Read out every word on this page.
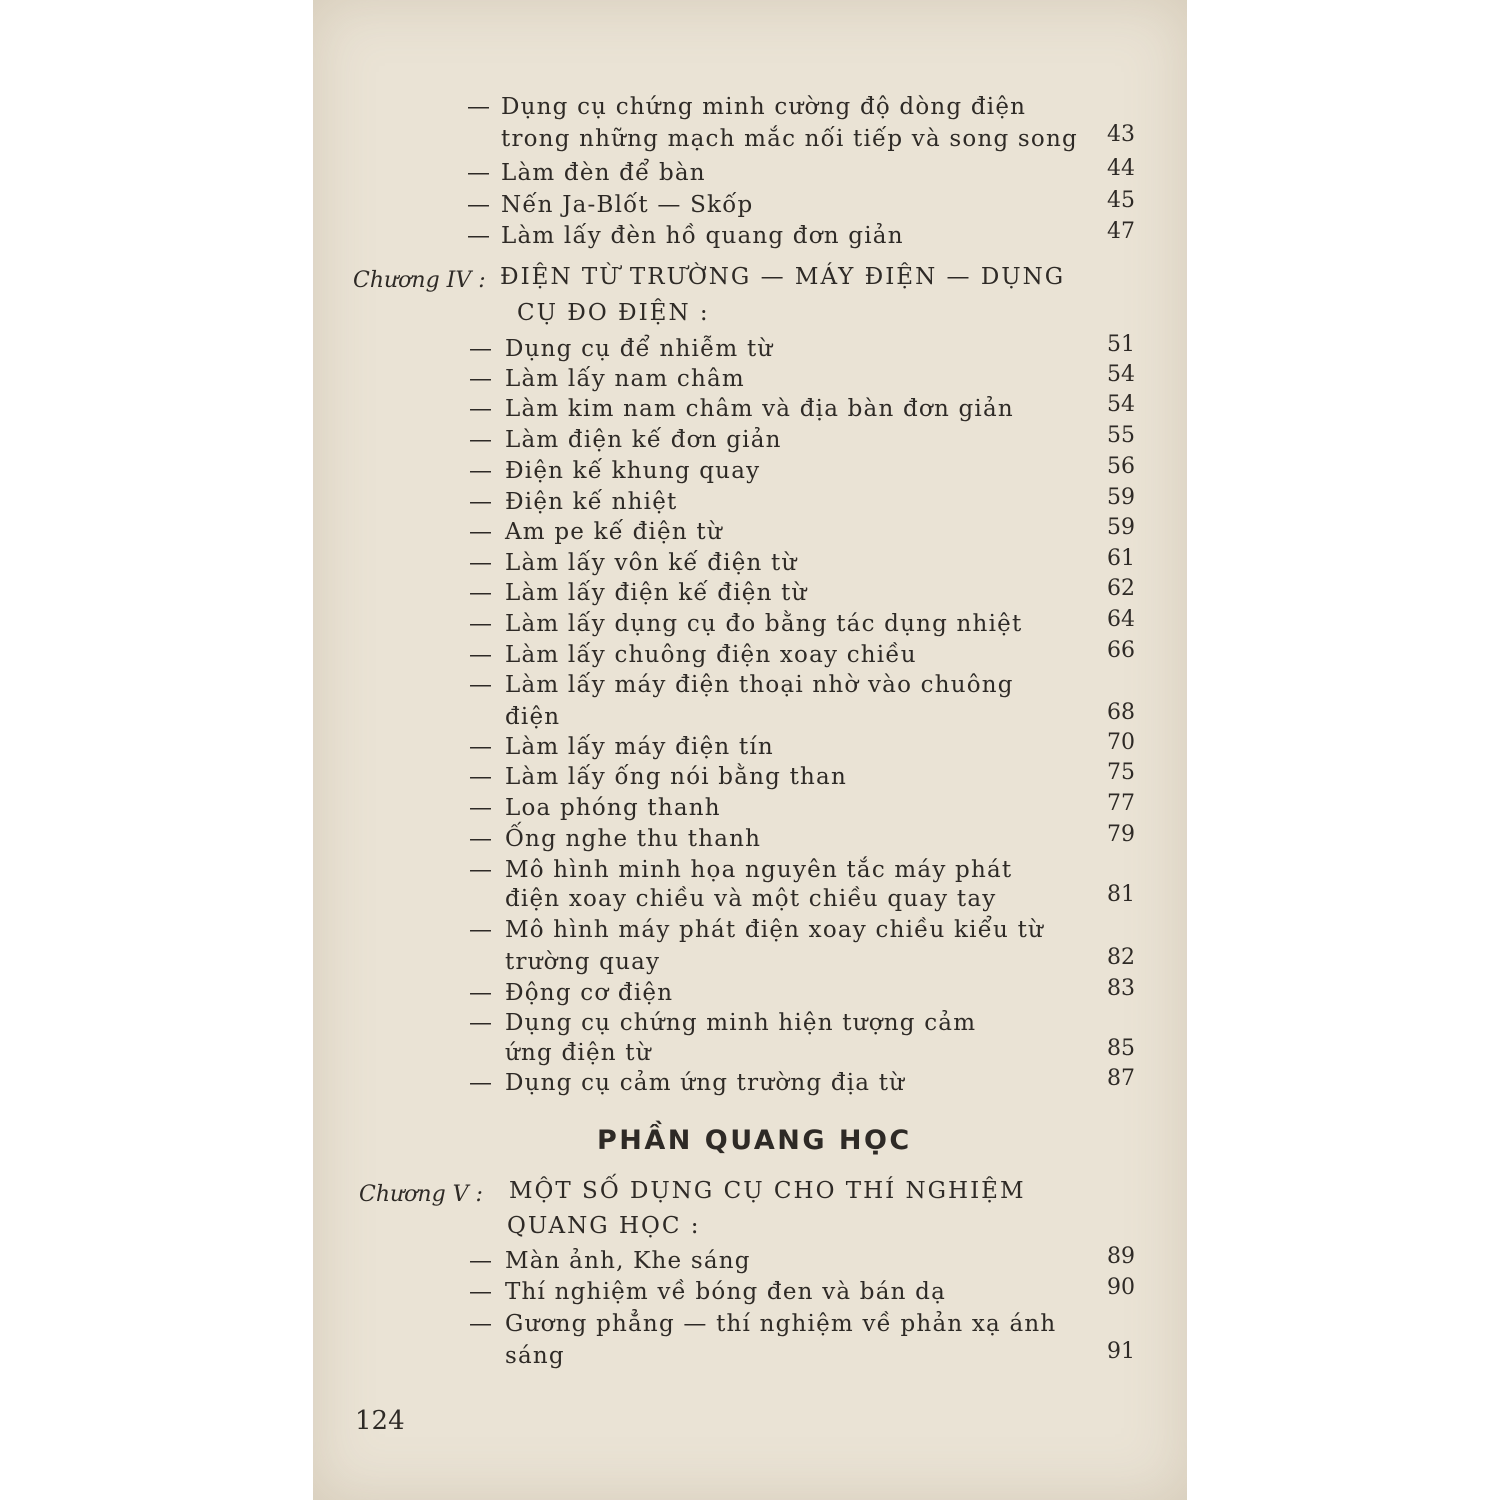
Chương IV : ĐIỆN TỪ TRƯỜNG — MÁY ĐIỆN — DỤNG
CỤ ĐO ĐIỆN :
PHẦN QUANG HỌC
Chương V : MỘT SỐ DỤNG CỤ CHO THÍ NGHIỆM
QUANG HỌC :
124
— Dụng cụ chứng minh cường độ dòng điện
trong những mạch mắc nối tiếp và song song	43
— Làm đèn để bàn	44
— Nến Ja-Blốt — Skốp	45
— Làm lấy đèn hồ quang đơn giản	47
— Dụng cụ để nhiễm từ	51
— Làm lấy nam châm	54
— Làm kim nam châm và địa bàn đơn giản	54
— Làm điện kế đơn giản	55
— Điện kế khung quay	56
— Điện kế nhiệt	59
— Am pe kế điện từ	59
— Làm lấy vôn kế điện từ	61
— Làm lấy điện kế điện từ	62
— Làm lấy dụng cụ đo bằng tác dụng nhiệt	64
— Làm lấy chuông điện xoay chiều	66
— Làm lấy máy điện thoại nhờ vào chuông
điện	68
— Làm lấy máy điện tín	70
— Làm lấy ống nói bằng than	75
— Loa phóng thanh	77
— Ống nghe thu thanh	79
— Mô hình minh họa nguyên tắc máy phát
điện xoay chiều và một chiều quay tay	81
— Mô hình máy phát điện xoay chiều kiểu từ
trường quay	82
— Động cơ điện	83
— Dụng cụ chứng minh hiện tượng cảm
ứng điện từ	85
— Dụng cụ cảm ứng trường địa từ	87
— Màn ảnh, Khe sáng	89
— Thí nghiệm về bóng đen và bán dạ	90
— Gương phẳng — thí nghiệm về phản xạ ánh
sáng	91
